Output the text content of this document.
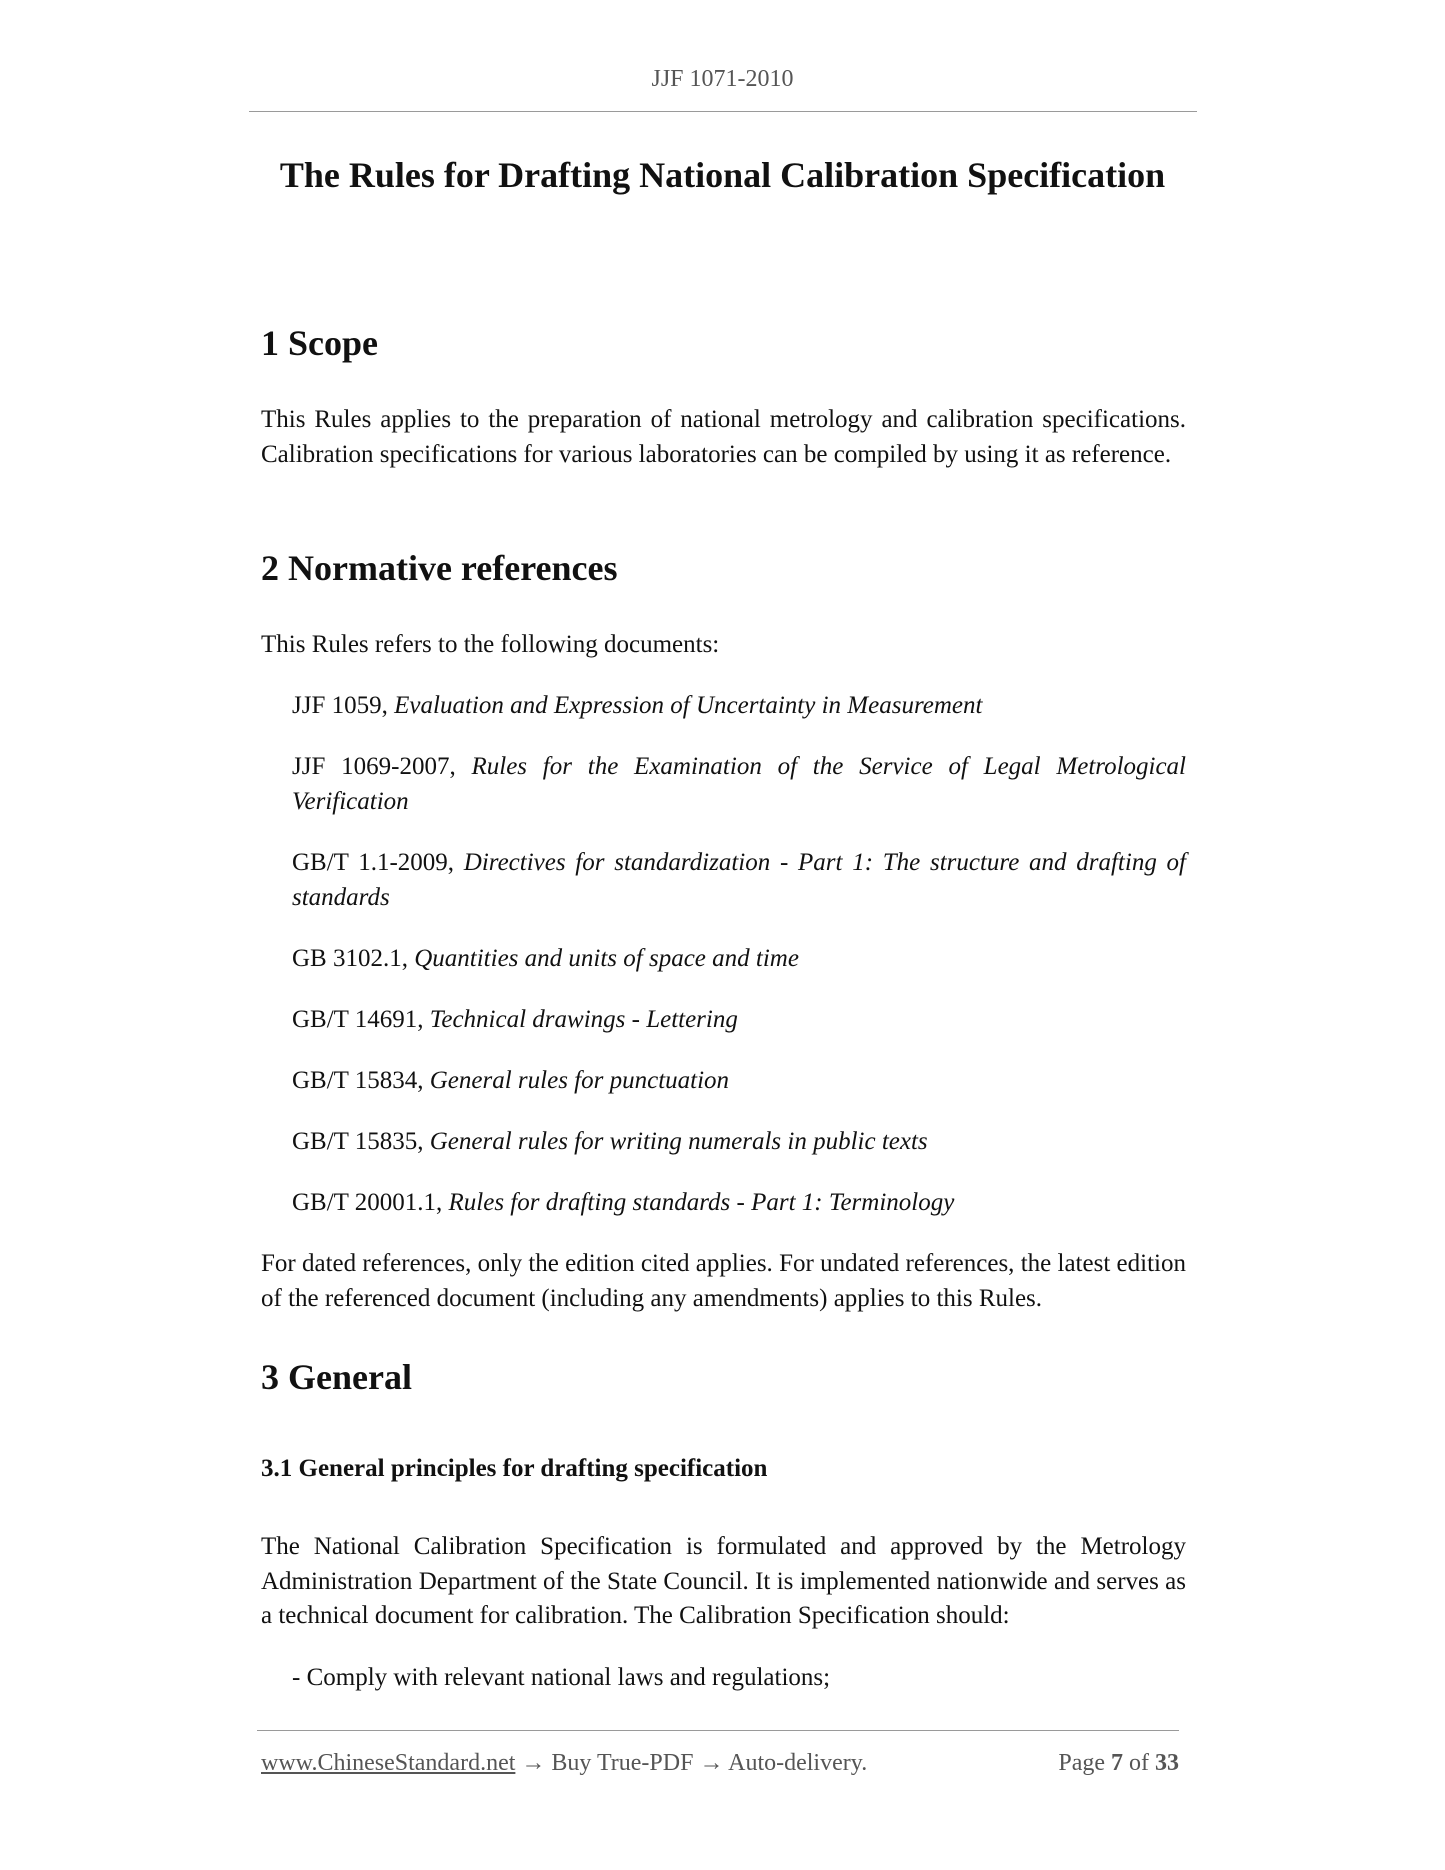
JJF 1071-2010
The Rules for Drafting National Calibration Specification
1 Scope

This Rules applies to the preparation of national metrology and calibration specifications. Calibration specifications for various laboratories can be compiled by using it as reference.

2 Normative references

This Rules refers to the following documents:

JJF 1059, Evaluation and Expression of Uncertainty in Measurement

JJF 1069-2007, Rules for the Examination of the Service of Legal Metrological Verification

GB/T 1.1-2009, Directives for standardization - Part 1: The structure and drafting of standards

GB 3102.1, Quantities and units of space and time

GB/T 14691, Technical drawings - Lettering

GB/T 15834, General rules for punctuation

GB/T 15835, General rules for writing numerals in public texts

GB/T 20001.1, Rules for drafting standards - Part 1: Terminology

For dated references, only the edition cited applies. For undated references, the latest edition of the referenced document (including any amendments) applies to this Rules.

3 General
3.1 General principles for drafting specification

The National Calibration Specification is formulated and approved by the Metrology Administration Department of the State Council. It is implemented nationwide and serves as a technical document for calibration. The Calibration Specification should:

- Comply with relevant national laws and regulations;

www.ChineseStandard.net → Buy True-PDF → Auto-delivery.	Page 7 of 33
